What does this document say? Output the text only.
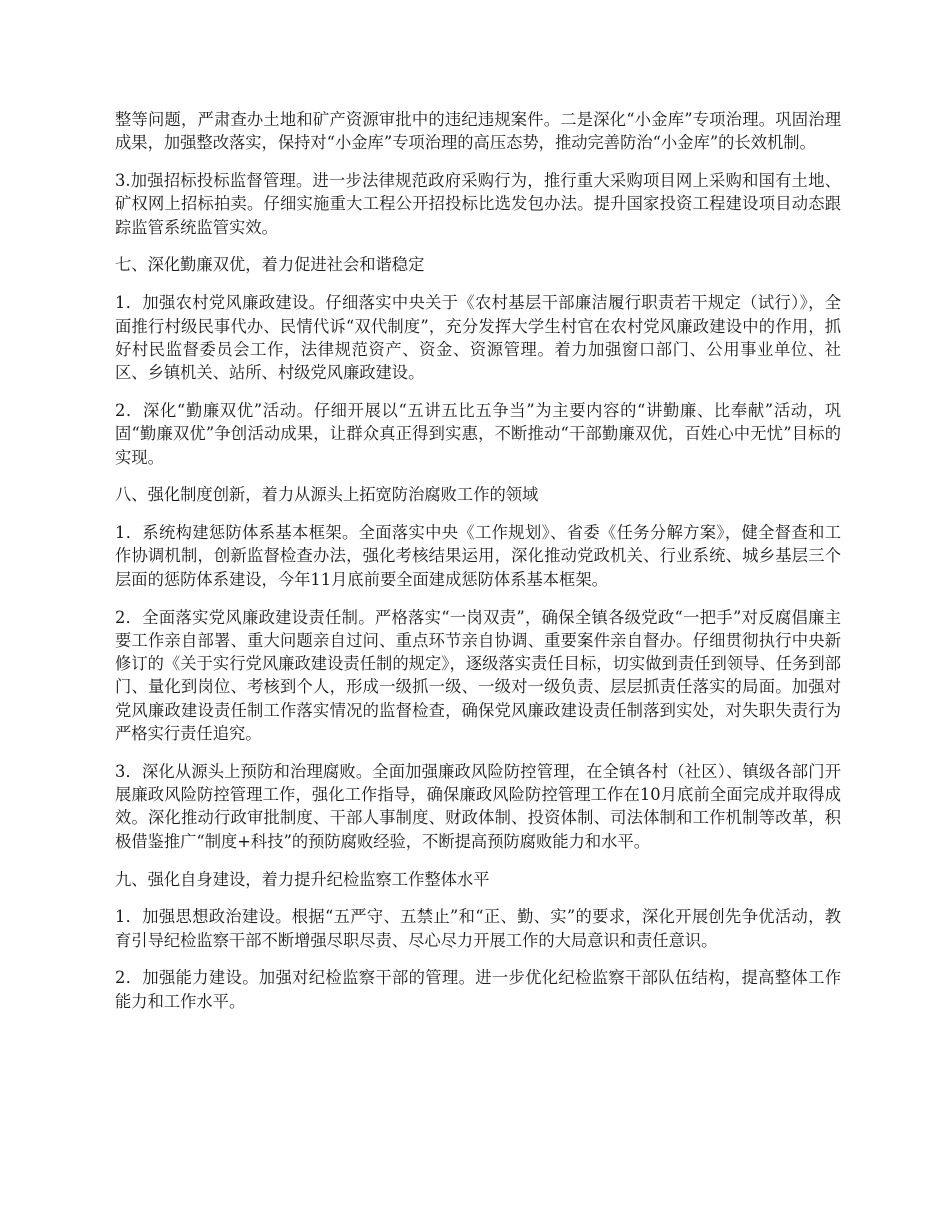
整等问题，严肃查办土地和矿产资源审批中的违纪违规案件。二是深化“小金库”专项治理。巩固治理成果，加强整改落实，保持对“小金库”专项治理的高压态势，推动完善防治“小金库”的长效机制。

3.加强招标投标监督管理。进一步法律规范政府采购行为，推行重大采购项目网上采购和国有土地、矿权网上招标拍卖。仔细实施重大工程公开招投标比选发包办法。提升国家投资工程建设项目动态跟踪监管系统监管实效。

七、深化勤廉双优，着力促进社会和谐稳定

1．加强农村党风廉政建设。仔细落实中央关于《农村基层干部廉洁履行职责若干规定（试行）》，全面推行村级民事代办、民情代诉“双代制度”，充分发挥大学生村官在农村党风廉政建设中的作用，抓好村民监督委员会工作，法律规范资产、资金、资源管理。着力加强窗口部门、公用事业单位、社区、乡镇机关、站所、村级党风廉政建设。

2．深化“勤廉双优”活动。仔细开展以“五讲五比五争当”为主要内容的“讲勤廉、比奉献”活动，巩固“勤廉双优”争创活动成果，让群众真正得到实惠，不断推动“干部勤廉双优，百姓心中无忧”目标的实现。

八、强化制度创新，着力从源头上拓宽防治腐败工作的领域

1．系统构建惩防体系基本框架。全面落实中央《工作规划》、省委《任务分解方案》，健全督查和工作协调机制，创新监督检查办法，强化考核结果运用，深化推动党政机关、行业系统、城乡基层三个层面的惩防体系建设，今年11月底前要全面建成惩防体系基本框架。

2．全面落实党风廉政建设责任制。严格落实“一岗双责”，确保全镇各级党政“一把手”对反腐倡廉主要工作亲自部署、重大问题亲自过问、重点环节亲自协调、重要案件亲自督办。仔细贯彻执行中央新修订的《关于实行党风廉政建设责任制的规定》，逐级落实责任目标，切实做到责任到领导、任务到部门、量化到岗位、考核到个人，形成一级抓一级、一级对一级负责、层层抓责任落实的局面。加强对党风廉政建设责任制工作落实情况的监督检查，确保党风廉政建设责任制落到实处，对失职失责行为严格实行责任追究。

3．深化从源头上预防和治理腐败。全面加强廉政风险防控管理，在全镇各村（社区）、镇级各部门开展廉政风险防控管理工作，强化工作指导，确保廉政风险防控管理工作在10月底前全面完成并取得成效。深化推动行政审批制度、干部人事制度、财政体制、投资体制、司法体制和工作机制等改革，积极借鉴推广“制度+科技”的预防腐败经验，不断提高预防腐败能力和水平。

九、强化自身建设，着力提升纪检监察工作整体水平

1．加强思想政治建设。根据“五严守、五禁止”和“正、勤、实”的要求，深化开展创先争优活动，教育引导纪检监察干部不断增强尽职尽责、尽心尽力开展工作的大局意识和责任意识。

2．加强能力建设。加强对纪检监察干部的管理。进一步优化纪检监察干部队伍结构，提高整体工作能力和工作水平。
